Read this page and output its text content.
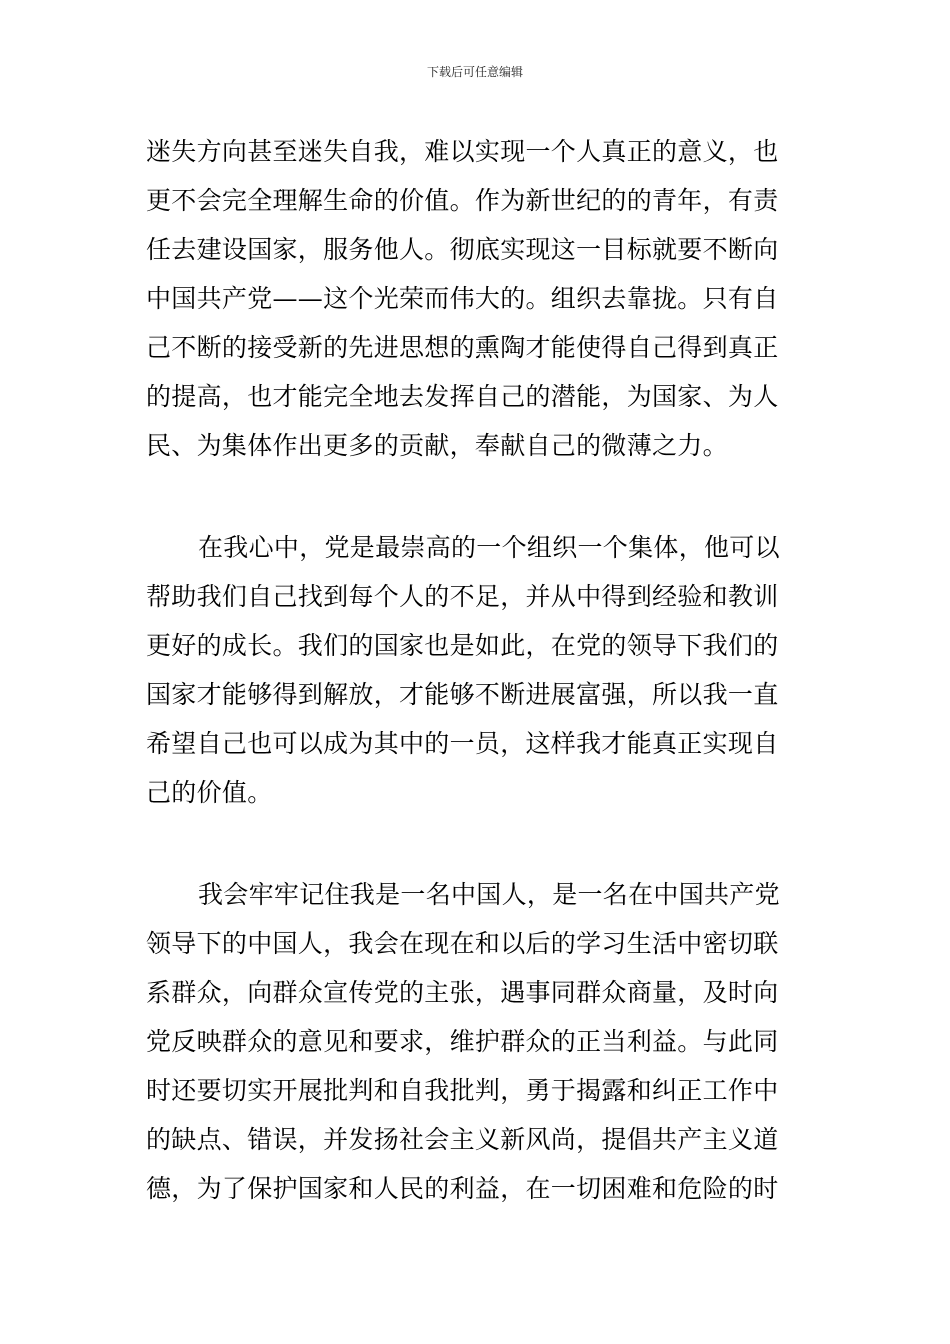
下载后可任意编辑
迷失方向甚至迷失自我，难以实现一个人真正的意义，也
更不会完全理解生命的价值。作为新世纪的的青年，有责
任去建设国家，服务他人。彻底实现这一目标就要不断向
中国共产党——这个光荣而伟大的。组织去靠拢。只有自
己不断的接受新的先进思想的熏陶才能使得自己得到真正
的提高，也才能完全地去发挥自己的潜能，为国家、为人
民、为集体作出更多的贡献，奉献自己的微薄之力。
在我心中，党是最崇高的一个组织一个集体，他可以
帮助我们自己找到每个人的不足，并从中得到经验和教训
更好的成长。我们的国家也是如此，在党的领导下我们的
国家才能够得到解放，才能够不断进展富强，所以我一直
希望自己也可以成为其中的一员，这样我才能真正实现自
己的价值。
我会牢牢记住我是一名中国人，是一名在中国共产党
领导下的中国人，我会在现在和以后的学习生活中密切联
系群众，向群众宣传党的主张，遇事同群众商量，及时向
党反映群众的意见和要求，维护群众的正当利益。与此同
时还要切实开展批判和自我批判，勇于揭露和纠正工作中
的缺点、错误，并发扬社会主义新风尚，提倡共产主义道
德，为了保护国家和人民的利益，在一切困难和危险的时
